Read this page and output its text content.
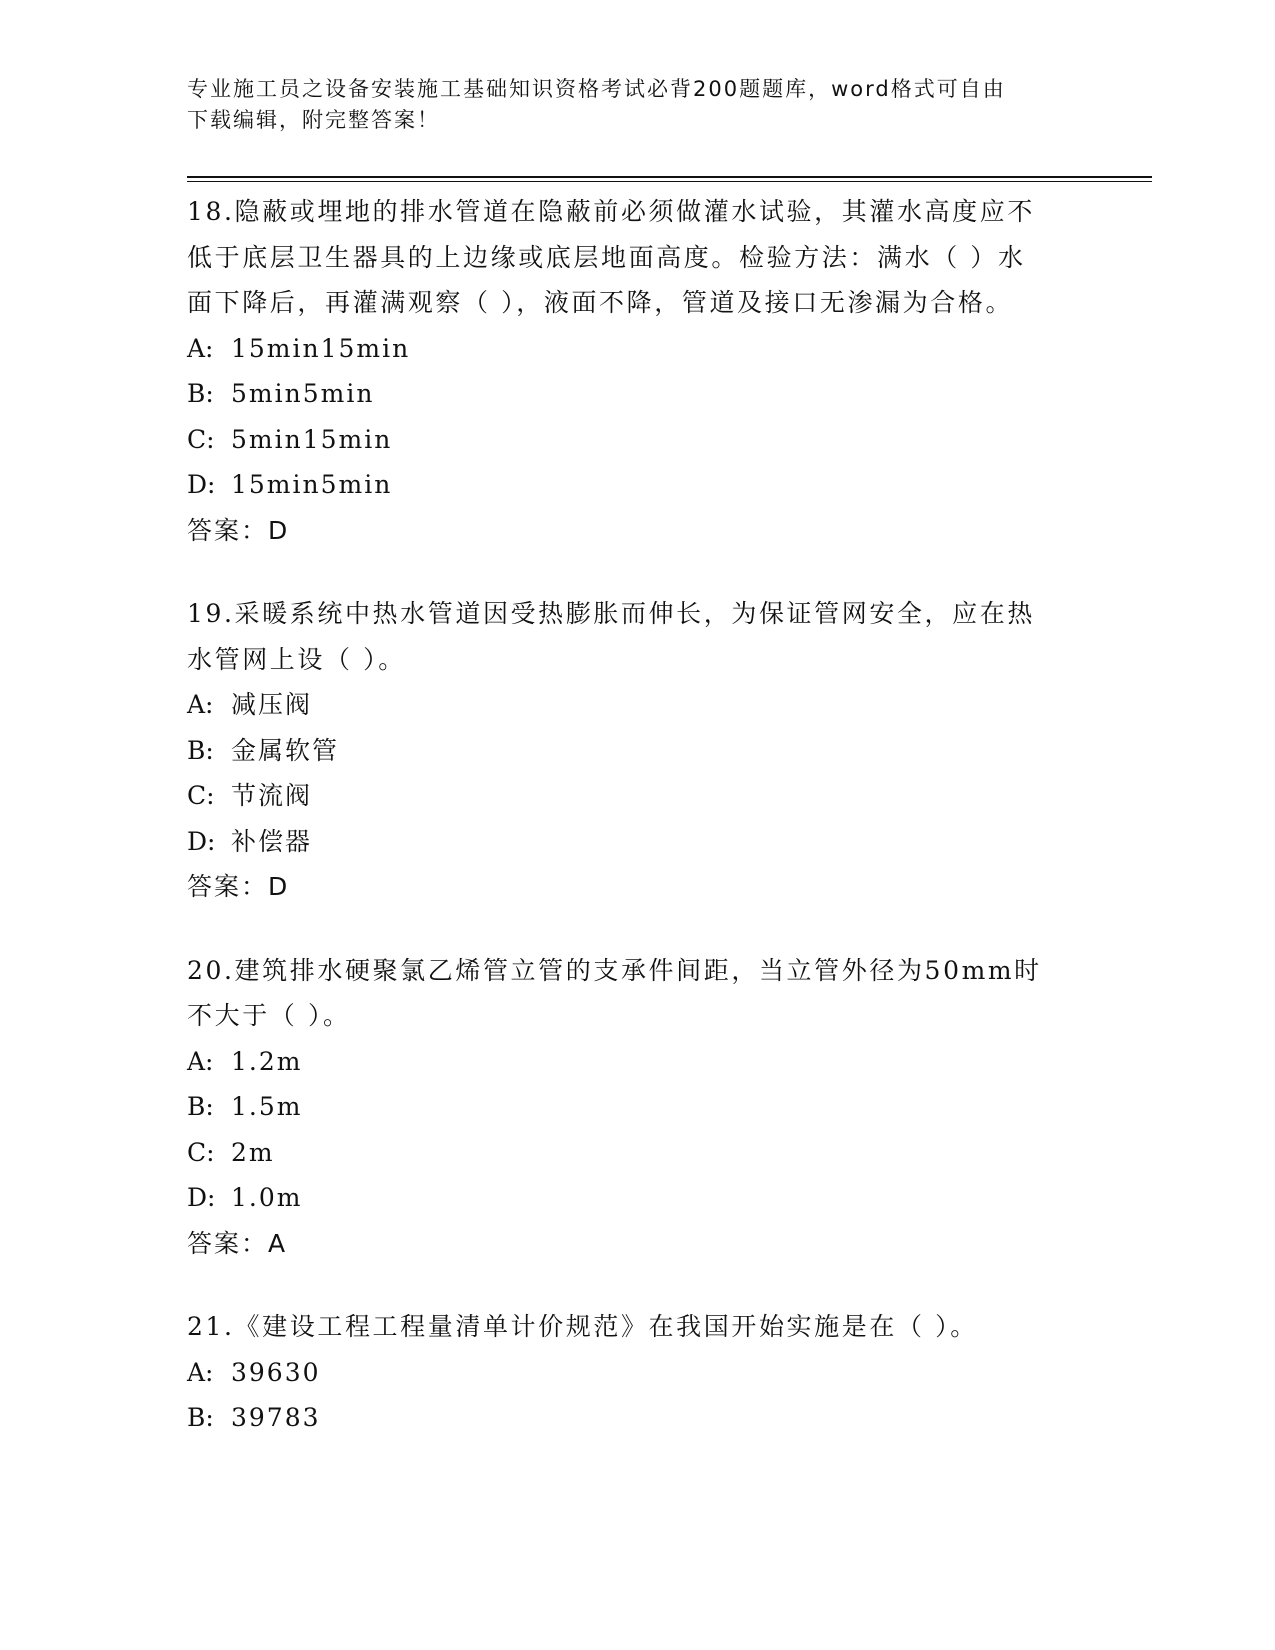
专业施工员之设备安装施工基础知识资格考试必背200题题库，word格式可自由
下载编辑，附完整答案！

18.隐蔽或埋地的排水管道在隐蔽前必须做灌水试验，其灌水高度应不

低于底层卫生器具的上边缘或底层地面高度。检验方法：满水（ ）水

面下降后，再灌满观察（ ），液面不降，管道及接口无渗漏为合格。

A: 15min15min

B: 5min5min

C: 5min15min

D: 15min5min

答案：D

19.采暖系统中热水管道因受热膨胀而伸长，为保证管网安全，应在热

水管网上设（ ）。

A: 减压阀

B: 金属软管

C: 节流阀

D: 补偿器

答案：D

20.建筑排水硬聚氯乙烯管立管的支承件间距，当立管外径为50mm时

不大于（ ）。

A: 1.2m

B: 1.5m

C: 2m

D: 1.0m

答案：A

21.《建设工程工程量清单计价规范》在我国开始实施是在（ ）。

A: 39630

B: 39783
